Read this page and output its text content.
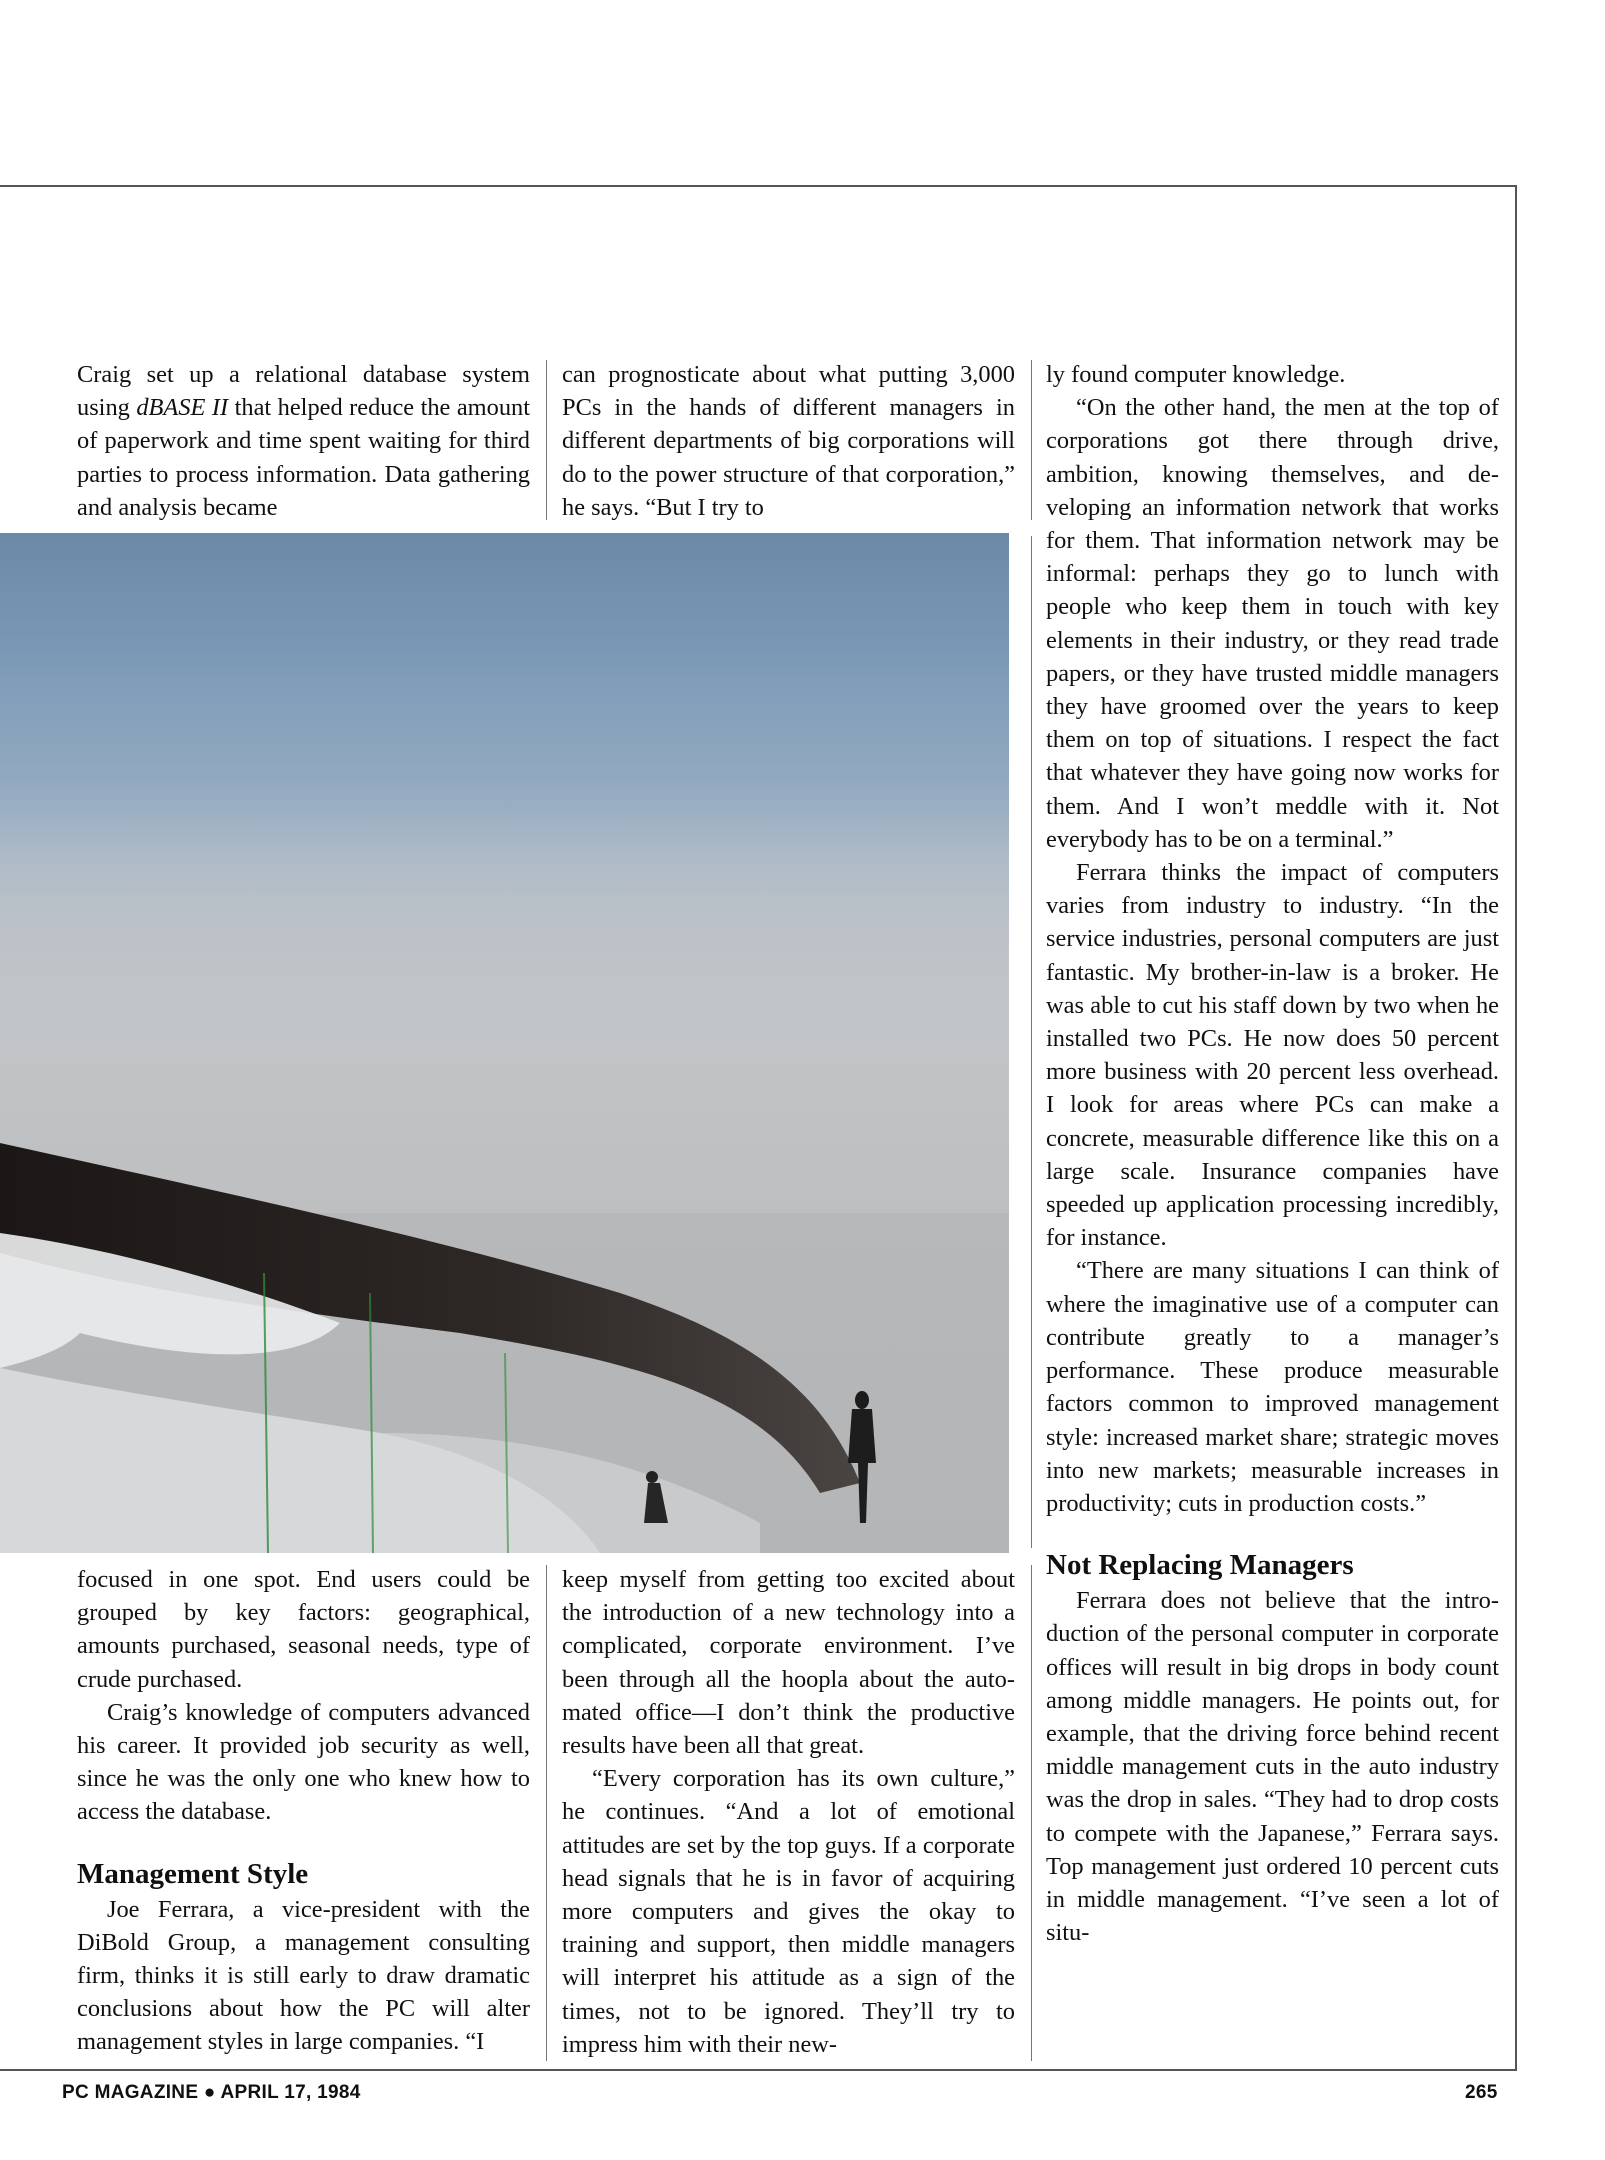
Craig set up a relational database system using dBASE II that helped reduce the amount of paperwork and time spent waiting for third parties to process information. Data gathering and analysis became

can prognosticate about what putting 3,000 PCs in the hands of different managers in different departments of big corporations will do to the power structure of that corporation,” he says. “But I try to

focused in one spot. End users could be grouped by key factors: geographical, amounts purchased, seasonal needs, type of crude purchased.

Craig’s knowledge of computers advanced his career. It provided job security as well, since he was the only one who knew how to access the database.

Management Style

Joe Ferrara, a vice-president with the DiBold Group, a management consulting firm, thinks it is still early to draw dramatic conclusions about how the PC will alter management styles in large companies. “I

keep myself from getting too excited about the introduction of a new technology into a complicated, corporate environment. I’ve been through all the hoopla about the automated office—I don’t think the productive results have been all that great.

“Every corporation has its own culture,” he continues. “And a lot of emotional attitudes are set by the top guys. If a corporate head signals that he is in favor of acquiring more computers and gives the okay to training and support, then middle managers will interpret his attitude as a sign of the times, not to be ignored. They’ll try to impress him with their new-

ly found computer knowledge.

“On the other hand, the men at the top of corporations got there through drive, ambition, knowing themselves, and developing an information network that works for them. That information network may be informal: perhaps they go to lunch with people who keep them in touch with key elements in their industry, or they read trade papers, or they have trusted middle managers they have groomed over the years to keep them on top of situations. I respect the fact that whatever they have going now works for them. And I won’t meddle with it. Not everybody has to be on a terminal.”

Ferrara thinks the impact of computers varies from industry to industry. “In the service industries, personal computers are just fantastic. My brother-in-law is a broker. He was able to cut his staff down by two when he installed two PCs. He now does 50 percent more business with 20 percent less overhead. I look for areas where PCs can make a concrete, measurable difference like this on a large scale. Insurance companies have speeded up application processing incredibly, for instance.

“There are many situations I can think of where the imaginative use of a computer can contribute greatly to a manager’s performance. These produce measurable factors common to improved management style: increased market share; strategic moves into new markets; measurable increases in productivity; cuts in production costs.”

Not Replacing Managers

Ferrara does not believe that the introduction of the personal computer in corporate offices will result in big drops in body count among middle managers. He points out, for example, that the driving force behind recent middle management cuts in the auto industry was the drop in sales. “They had to drop costs to compete with the Japanese,” Ferrara says. Top management just ordered 10 percent cuts in middle management. “I’ve seen a lot of situ-

PC MAGAZINE ● APRIL 17, 1984	265
